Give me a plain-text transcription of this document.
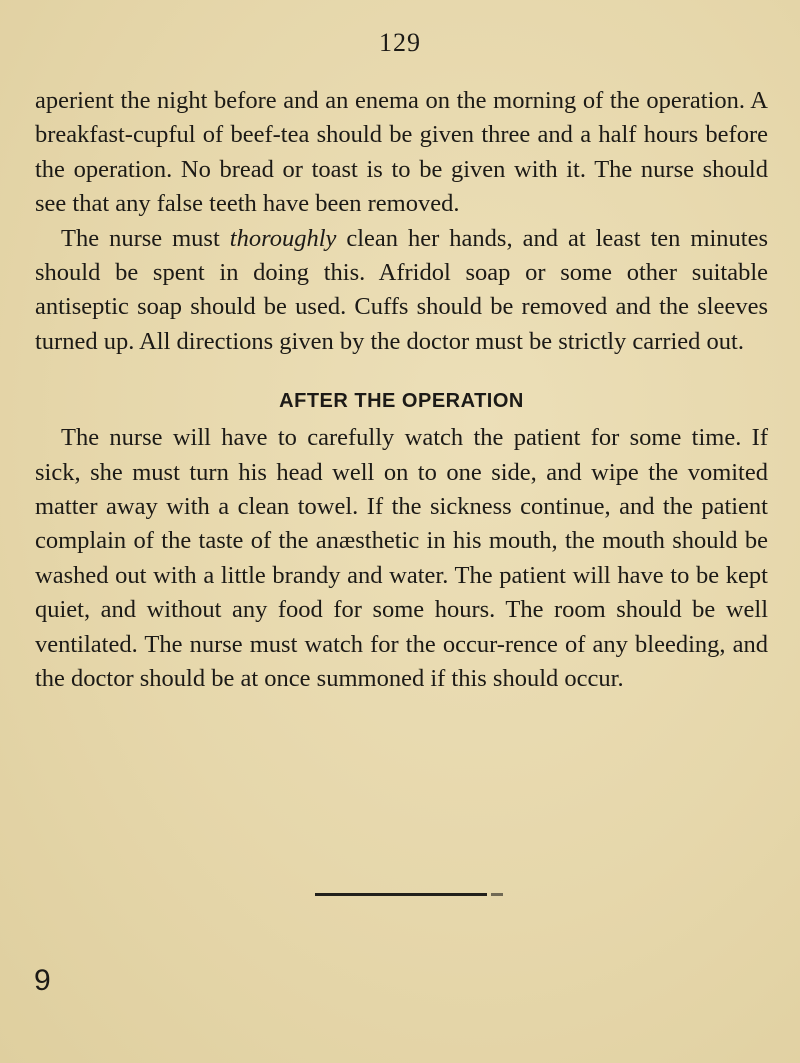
129

aperient the night before and an enema on the morning of the operation. A breakfast-cupful of beef-tea should be given three and a half hours before the operation. No bread or toast is to be given with it. The nurse should see that any false teeth have been removed.

The nurse must thoroughly clean her hands, and at least ten minutes should be spent in doing this. Afridol soap or some other suitable antiseptic soap should be used. Cuffs should be removed and the sleeves turned up. All directions given by the doctor must be strictly carried out.

AFTER THE OPERATION

The nurse will have to carefully watch the patient for some time. If sick, she must turn his head well on to one side, and wipe the vomited matter away with a clean towel. If the sickness continue, and the patient complain of the taste of the anæsthetic in his mouth, the mouth should be washed out with a little brandy and water. The patient will have to be kept quiet, and without any food for some hours. The room should be well ventilated. The nurse must watch for the occur-rence of any bleeding, and the doctor should be at once summoned if this should occur.

9
